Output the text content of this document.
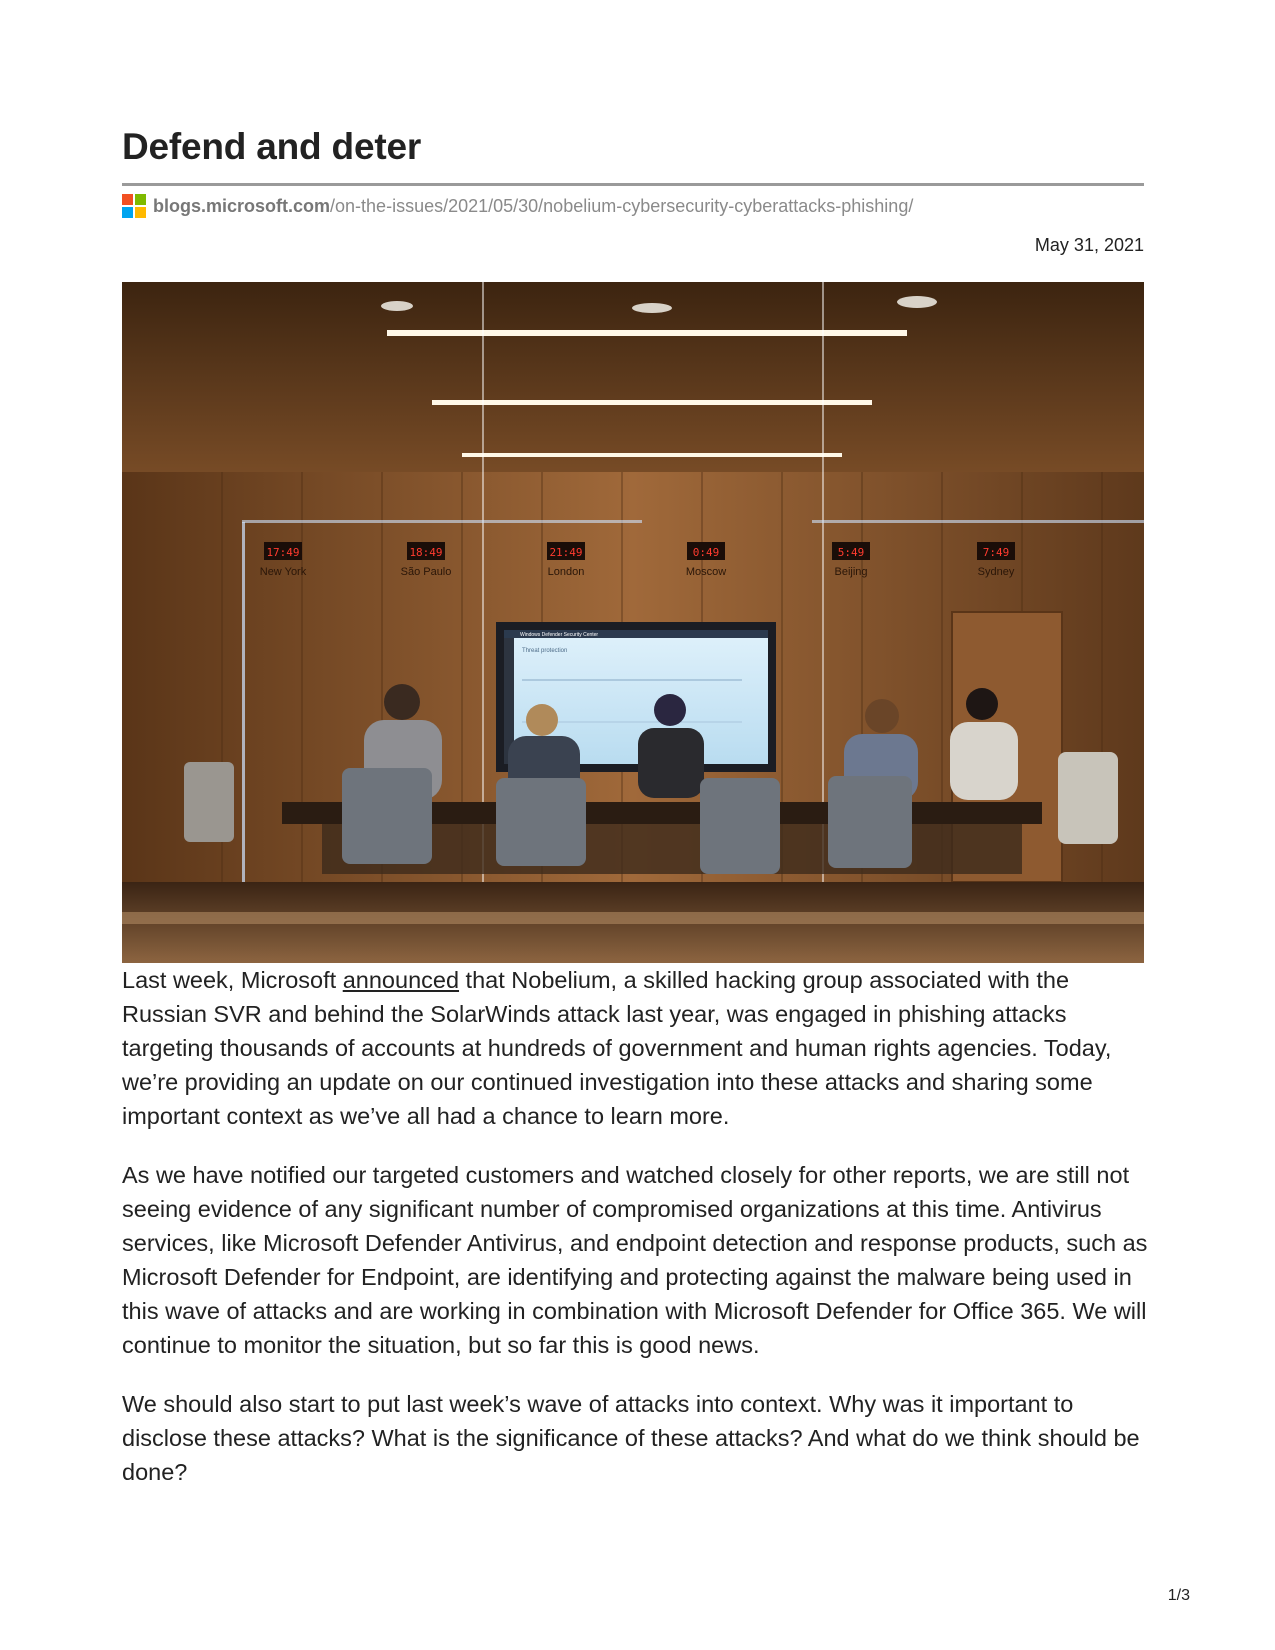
Defend and deter
blogs.microsoft.com/on-the-issues/2021/05/30/nobelium-cybersecurity-cyberattacks-phishing/
May 31, 2021
17:49
New York
18:49
São Paulo
21:49
London
0:49
Moscow
5:49
Beijing
7:49
Sydney
Windows Defender Security Center
Threat protection

Last week, Microsoft announced that Nobelium, a skilled hacking group associated with the Russian SVR and behind the SolarWinds attack last year, was engaged in phishing attacks targeting thousands of accounts at hundreds of government and human rights agencies. Today, we’re providing an update on our continued investigation into these attacks and sharing some important context as we’ve all had a chance to learn more.

As we have notified our targeted customers and watched closely for other reports, we are still not seeing evidence of any significant number of compromised organizations at this time. Antivirus services, like Microsoft Defender Antivirus, and endpoint detection and response products, such as Microsoft Defender for Endpoint, are identifying and protecting against the malware being used in this wave of attacks and are working in combination with Microsoft Defender for Office 365. We will continue to monitor the situation, but so far this is good news.

We should also start to put last week’s wave of attacks into context. Why was it important to disclose these attacks? What is the significance of these attacks? And what do we think should be done?

1/3
